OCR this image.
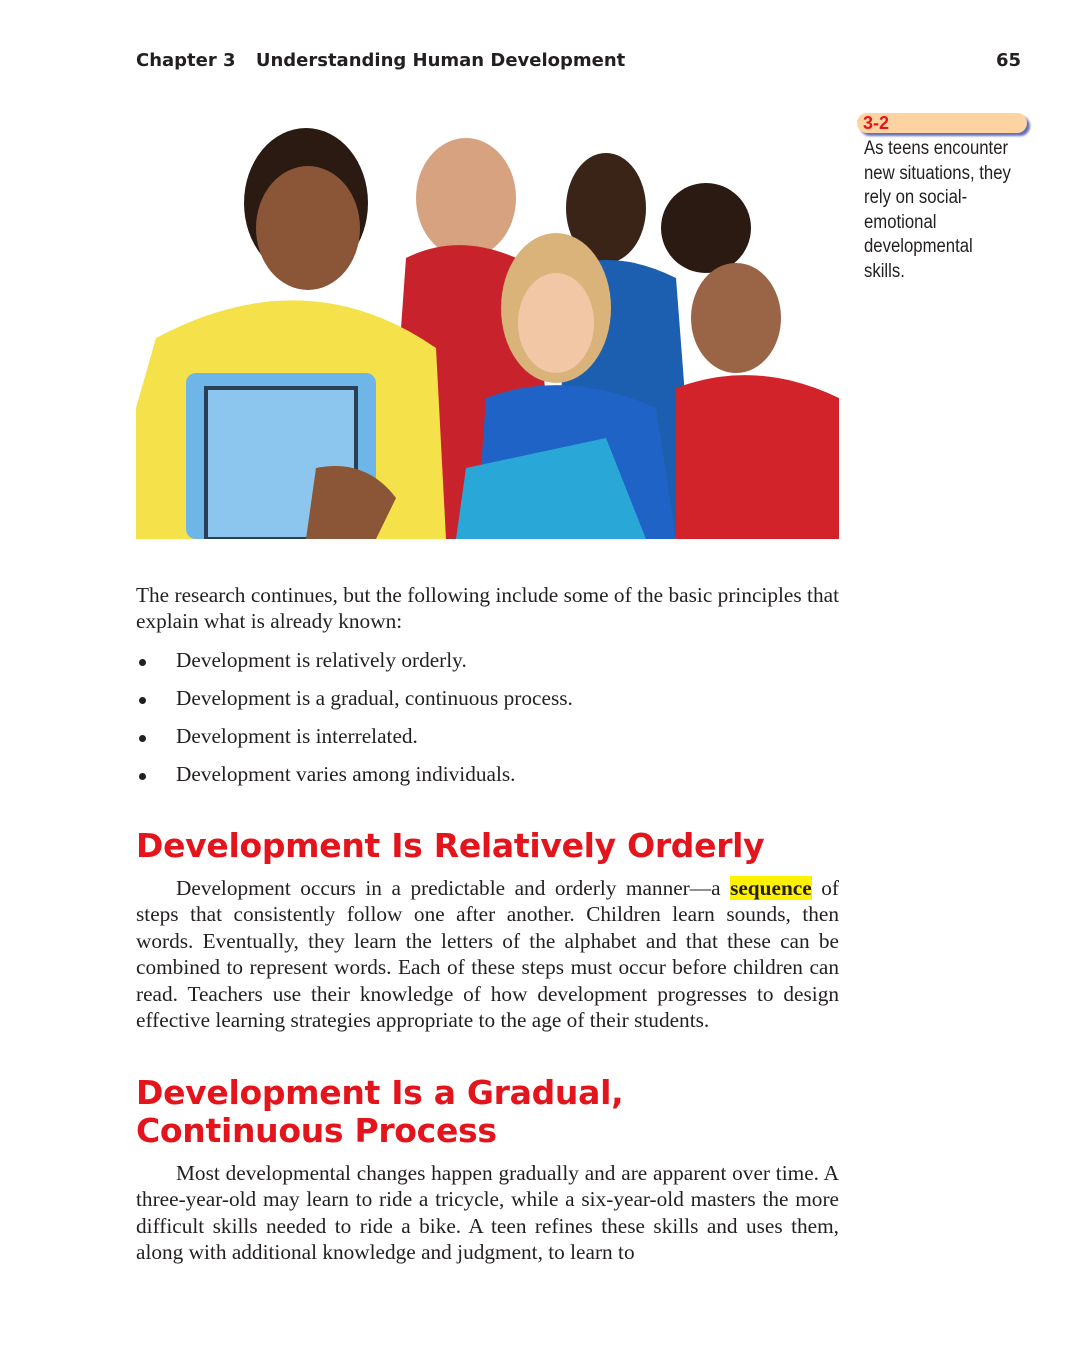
Chapter 3 Understanding Human Development	65
3-2
As teens encounter new situations, they rely on social-emotional developmental skills.
The research continues, but the following include some of the basic principles that explain what is already known:
Development is relatively orderly.
Development is a gradual, continuous process.
Development is interrelated.
Development varies among individuals.
Development Is Relatively Orderly
Development occurs in a predictable and orderly manner—a sequence of steps that consistently follow one after another. Children learn sounds, then words. Eventually, they learn the letters of the alphabet and that these can be combined to represent words. Each of these steps must occur before children can read. Teachers use their knowledge of how development progresses to design effective learning strategies appropriate to the age of their students.
Development Is a Gradual, Continuous Process
Most developmental changes happen gradually and are apparent over time. A three-year-old may learn to ride a tricycle, while a six-year-old masters the more difficult skills needed to ride a bike. A teen refines these skills and uses them, along with additional knowledge and judgment, to learn to
